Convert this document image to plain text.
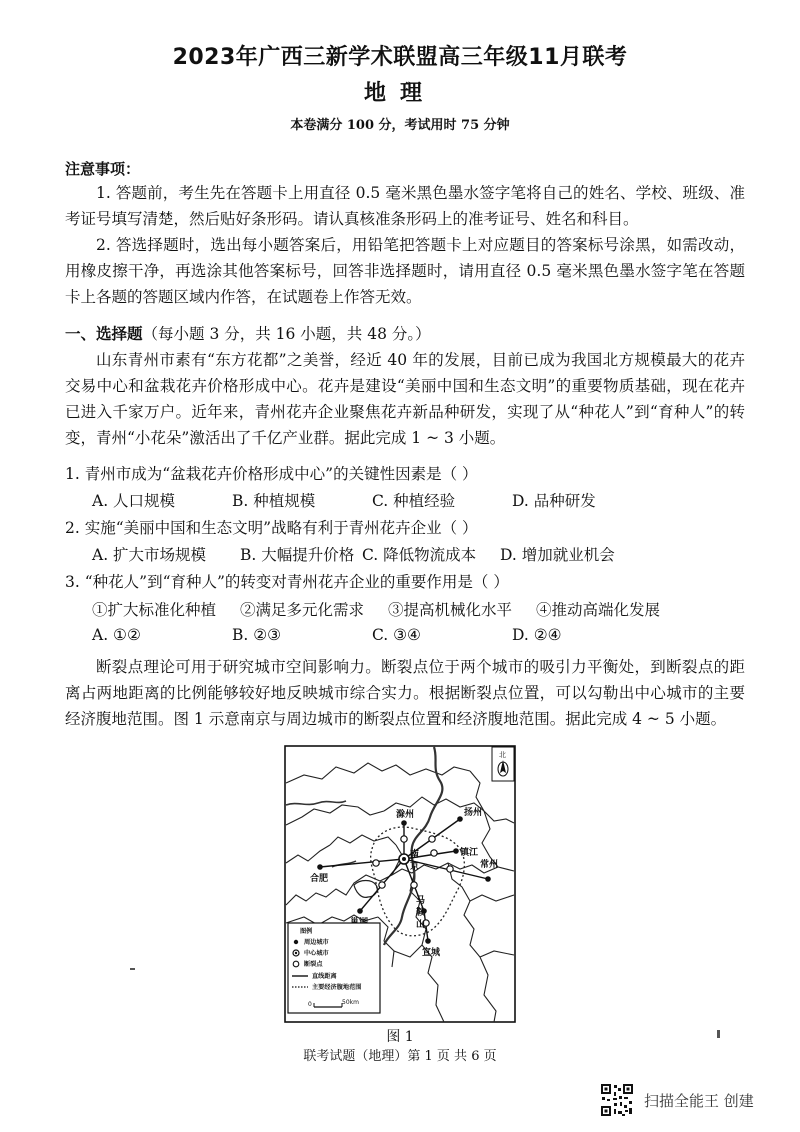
2023年广西三新学术联盟高三年级11月联考
地理
本卷满分 100 分，考试用时 75 分钟
注意事项：
1. 答题前，考生先在答题卡上用直径 0.5 毫米黑色墨水签字笔将自己的姓名、学校、班级、准考证号填写清楚，然后贴好条形码。请认真核准条形码上的准考证号、姓名和科目。
2. 答选择题时，选出每小题答案后，用铅笔把答题卡上对应题目的答案标号涂黑，如需改动，用橡皮擦干净，再选涂其他答案标号，回答非选择题时，请用直径 0.5 毫米黑色墨水签字笔在答题卡上各题的答题区域内作答，在试题卷上作答无效。
一、选择题（每小题 3 分，共 16 小题，共 48 分。）
山东青州市素有“东方花都”之美誉，经近 40 年的发展，目前已成为我国北方规模最大的花卉交易中心和盆栽花卉价格形成中心。花卉是建设“美丽中国和生态文明”的重要物质基础，现在花卉已进入千家万户。近年来，青州花卉企业聚焦花卉新品种研发，实现了从“种花人”到“育种人”的转变，青州“小花朵”激活出了千亿产业群。据此完成 1 ~ 3 小题。
1. 青州市成为“盆栽花卉价格形成中心”的关键性因素是（ ）
A. 人口规模	B. 种植规模	C. 种植经验	D. 品种研发
2. 实施“美丽中国和生态文明”战略有利于青州花卉企业（ ）
A. 扩大市场规模	B. 大幅提升价格 C. 降低物流成本	D. 增加就业机会
3. “种花人”到“育种人”的转变对青州花卉企业的重要作用是（ ）
①扩大标准化种植	②满足多元化需求	③提高机械化水平	④推动高端化发展
A. ①②	B. ②③	C. ③④	D. ②④
断裂点理论可用于研究城市空间影响力。断裂点位于两个城市的吸引力平衡处，到断裂点的距离占两地距离的比例能够较好地反映城市综合实力。根据断裂点位置，可以勾勒出中心城市的主要经济腹地范围。图 1 示意南京与周边城市的断裂点位置和经济腹地范围。据此完成 4 ~ 5 小题。
滁州	扬州
镇江
南
京
合肥
马
鞍
山
常州
宣城
北
图例
周边城市
中心城市
断裂点
直线距离
主要经济腹地范围
0	50km
图 1
联考试题（地理）第 1 页 共 6 页
扫描全能王 创建
